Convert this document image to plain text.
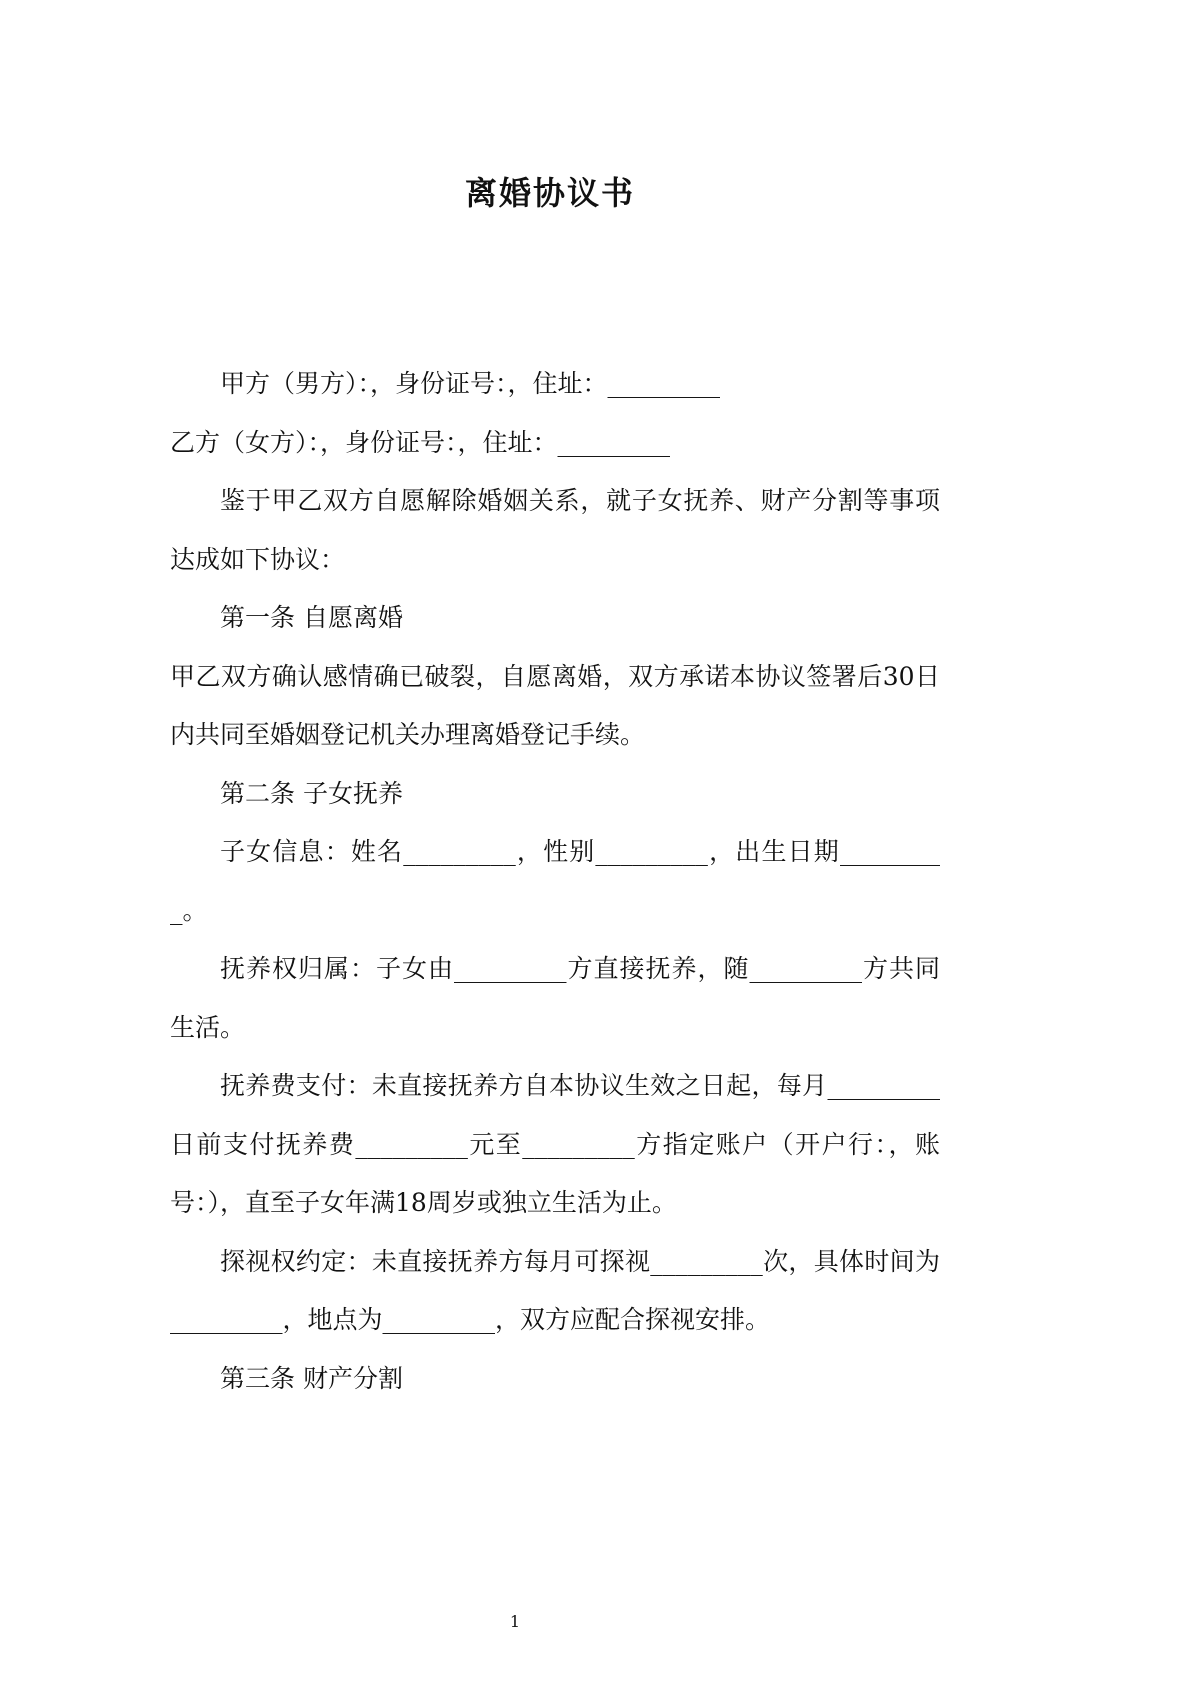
离婚协议书

甲方（男方）：，身份证号：，住址：_________

乙方（女方）：，身份证号：，住址：_________

鉴于甲乙双方自愿解除婚姻关系，就子女抚养、财产分割等事项达成如下协议：

第一条 自愿离婚

甲乙双方确认感情确已破裂，自愿离婚，双方承诺本协议签署后30日内共同至婚姻登记机关办理离婚登记手续。

第二条 子女抚养

子女信息：姓名_________，性别_________，出生日期_________。

抚养权归属：子女由_________方直接抚养，随_________方共同生活。

抚养费支付：未直接抚养方自本协议生效之日起，每月_________日前支付抚养费_________元至_________方指定账户（开户行：，账号：），直至子女年满18周岁或独立生活为止。

探视权约定：未直接抚养方每月可探视_________次，具体时间为_________，地点为_________，双方应配合探视安排。

第三条 财产分割

1
